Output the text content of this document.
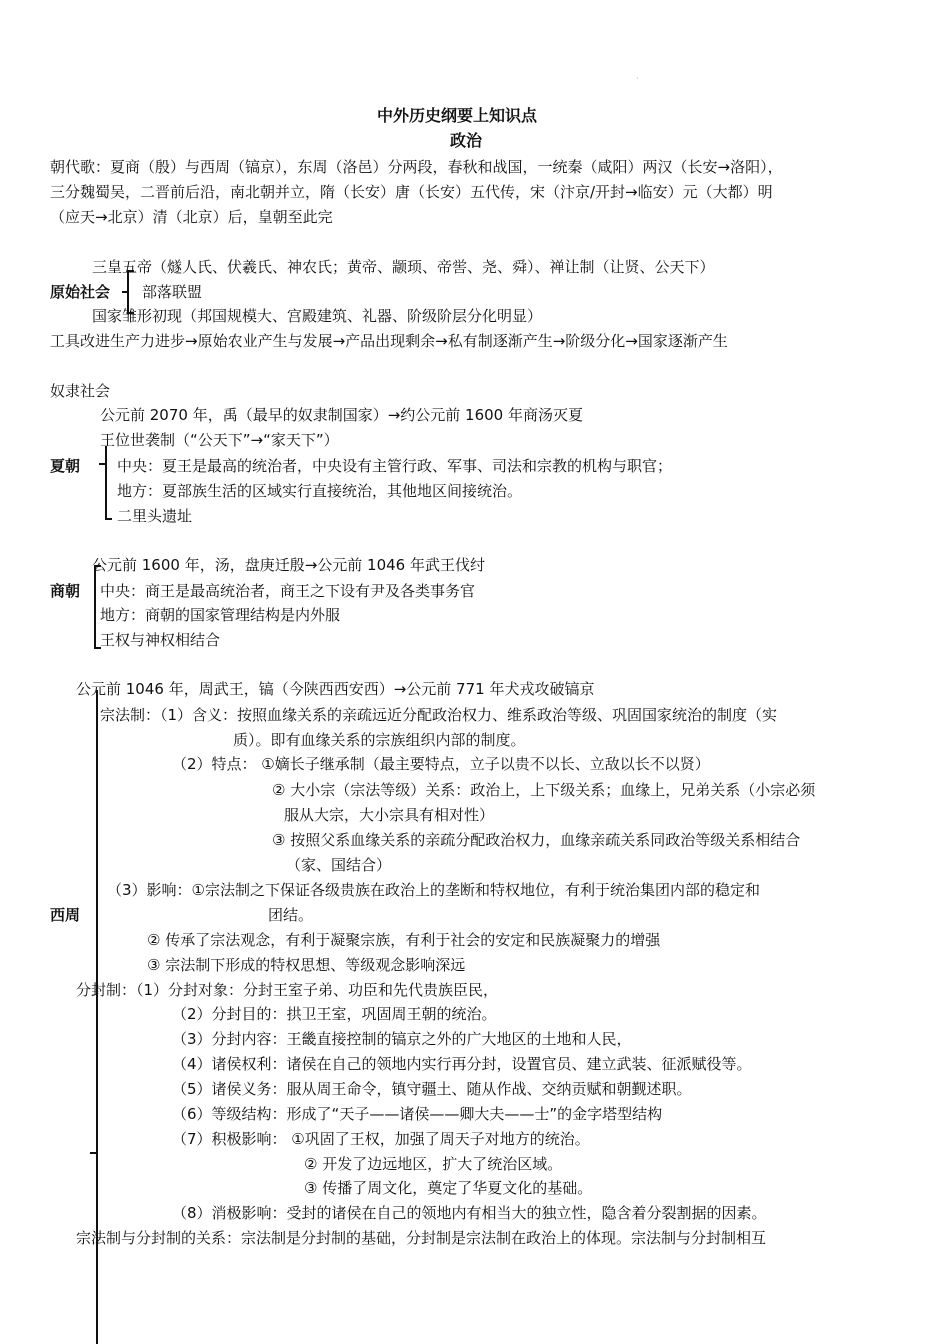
·
中外历史纲要上知识点
政治
朝代歌：夏商（殷）与西周（镐京），东周（洛邑）分两段，春秋和战国，一统秦（咸阳）两汉（长安→洛阳），
三分魏蜀吴，二晋前后沿，南北朝并立，隋（长安）唐（长安）五代传，宋（汴京/开封→临安）元（大都）明
（应天→北京）清（北京）后，皇朝至此完
三皇五帝（燧人氏、伏羲氏、神农氏；黄帝、颛顼、帝喾、尧、舜）、禅让制（让贤、公天下）
原始社会 部落联盟
国家雏形初现（邦国规模大、宫殿建筑、礼器、阶级阶层分化明显）
工具改进生产力进步→原始农业产生与发展→产品出现剩余→私有制逐渐产生→阶级分化→国家逐渐产生
奴隶社会
公元前 2070 年，禹（最早的奴隶制国家）→约公元前 1600 年商汤灭夏
王位世袭制（“公天下”→“家天下”）
夏朝 中央：夏王是最高的统治者，中央设有主管行政、军事、司法和宗教的机构与职官；
地方：夏部族生活的区域实行直接统治，其他地区间接统治。
二里头遗址
公元前 1600 年，汤，盘庚迁殷→公元前 1046 年武王伐纣
商朝 中央：商王是最高统治者，商王之下设有尹及各类事务官
地方：商朝的国家管理结构是内外服
王权与神权相结合
公元前 1046 年，周武王，镐（今陕西西安西）→公元前 771 年犬戎攻破镐京
西周
宗法制：（1）含义：按照血缘关系的亲疏远近分配政治权力、维系政治等级、巩固国家统治的制度（实
质）。即有血缘关系的宗族组织内部的制度。
（2）特点： ①嫡长子继承制（最主要特点，立子以贵不以长、立敌以长不以贤）
② 大小宗（宗法等级）关系：政治上，上下级关系；血缘上，兄弟关系（小宗必须
服从大宗，大小宗具有相对性）
③ 按照父系血缘关系的亲疏分配政治权力，血缘亲疏关系同政治等级关系相结合
（家、国结合）
（3）影响：①宗法制之下保证各级贵族在政治上的垄断和特权地位，有利于统治集团内部的稳定和
团结。
② 传承了宗法观念，有利于凝聚宗族，有利于社会的安定和民族凝聚力的增强
③ 宗法制下形成的特权思想、等级观念影响深远
分封制：（1）分封对象：分封王室子弟、功臣和先代贵族臣民，
（2）分封目的：拱卫王室，巩固周王朝的统治。
（3）分封内容：王畿直接控制的镐京之外的广大地区的土地和人民，
（4）诸侯权利：诸侯在自己的领地内实行再分封，设置官员、建立武装、征派赋役等。
（5）诸侯义务：服从周王命令，镇守疆土、随从作战、交纳贡赋和朝觐述职。
（6）等级结构：形成了“天子——诸侯——卿大夫——士”的金字塔型结构
（7）积极影响： ①巩固了王权，加强了周天子对地方的统治。
② 开发了边远地区，扩大了统治区域。
③ 传播了周文化，奠定了华夏文化的基础。
（8）消极影响：受封的诸侯在自己的领地内有相当大的独立性，隐含着分裂割据的因素。
宗法制与分封制的关系：宗法制是分封制的基础，分封制是宗法制在政治上的体现。宗法制与分封制相互
